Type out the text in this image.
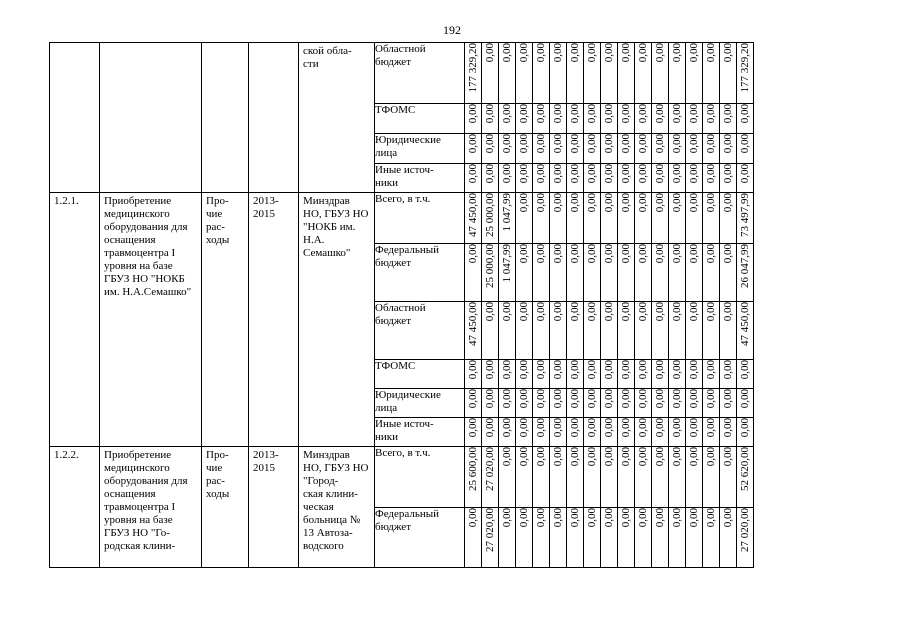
192

				ской обла-
сти	Областной бюджет	177 329,20	0,00	0,00	0,00	0,00	0,00	0,00	0,00	0,00	0,00	0,00	0,00	0,00	0,00	0,00	0,00	177 329,20

					ТФОМС	0,00	0,00	0,00	0,00	0,00	0,00	0,00	0,00	0,00	0,00	0,00	0,00	0,00	0,00	0,00	0,00	0,00

					Юридические лица	0,00	0,00	0,00	0,00	0,00	0,00	0,00	0,00	0,00	0,00	0,00	0,00	0,00	0,00	0,00	0,00	0,00

					Иные источ-
ники	0,00	0,00	0,00	0,00	0,00	0,00	0,00	0,00	0,00	0,00	0,00	0,00	0,00	0,00	0,00	0,00	0,00

1.2.1.	Приобретение медицинского оборудования для оснащения травмоцентра I уровня на базе ГБУЗ НО "НОКБ им. Н.А.Семашко"	Про-
чие
рас-
ходы	2013-
2015	Минздрав НО, ГБУЗ НО "НОКБ им. Н.А. Семашко"	Всего, в т.ч.	47 450,00	25 000,00	1 047,99	0,00	0,00	0,00	0,00	0,00	0,00	0,00	0,00	0,00	0,00	0,00	0,00	0,00	73 497,99

					Федеральный бюджет	0,00	25 000,00	1 047,99	0,00	0,00	0,00	0,00	0,00	0,00	0,00	0,00	0,00	0,00	0,00	0,00	0,00	26 047,99

					Областной бюджет	47 450,00	0,00	0,00	0,00	0,00	0,00	0,00	0,00	0,00	0,00	0,00	0,00	0,00	0,00	0,00	0,00	47 450,00

					ТФОМС	0,00	0,00	0,00	0,00	0,00	0,00	0,00	0,00	0,00	0,00	0,00	0,00	0,00	0,00	0,00	0,00	0,00

					Юридические лица	0,00	0,00	0,00	0,00	0,00	0,00	0,00	0,00	0,00	0,00	0,00	0,00	0,00	0,00	0,00	0,00	0,00

					Иные источ-
ники	0,00	0,00	0,00	0,00	0,00	0,00	0,00	0,00	0,00	0,00	0,00	0,00	0,00	0,00	0,00	0,00	0,00

1.2.2.	Приобретение медицинского оборудования для оснащения травмоцентра I уровня на базе ГБУЗ НО "Го-
родская клини-	Про-
чие
рас-
ходы	2013-
2015	Минздрав НО, ГБУЗ НО "Город-
ская клини-
ческая больница № 13 Автоза-
водского	Всего, в т.ч.	25 600,00	27 020,00	0,00	0,00	0,00	0,00	0,00	0,00	0,00	0,00	0,00	0,00	0,00	0,00	0,00	0,00	52 620,00

					Федеральный бюджет	0,00	27 020,00	0,00	0,00	0,00	0,00	0,00	0,00	0,00	0,00	0,00	0,00	0,00	0,00	0,00	0,00	27 020,00
